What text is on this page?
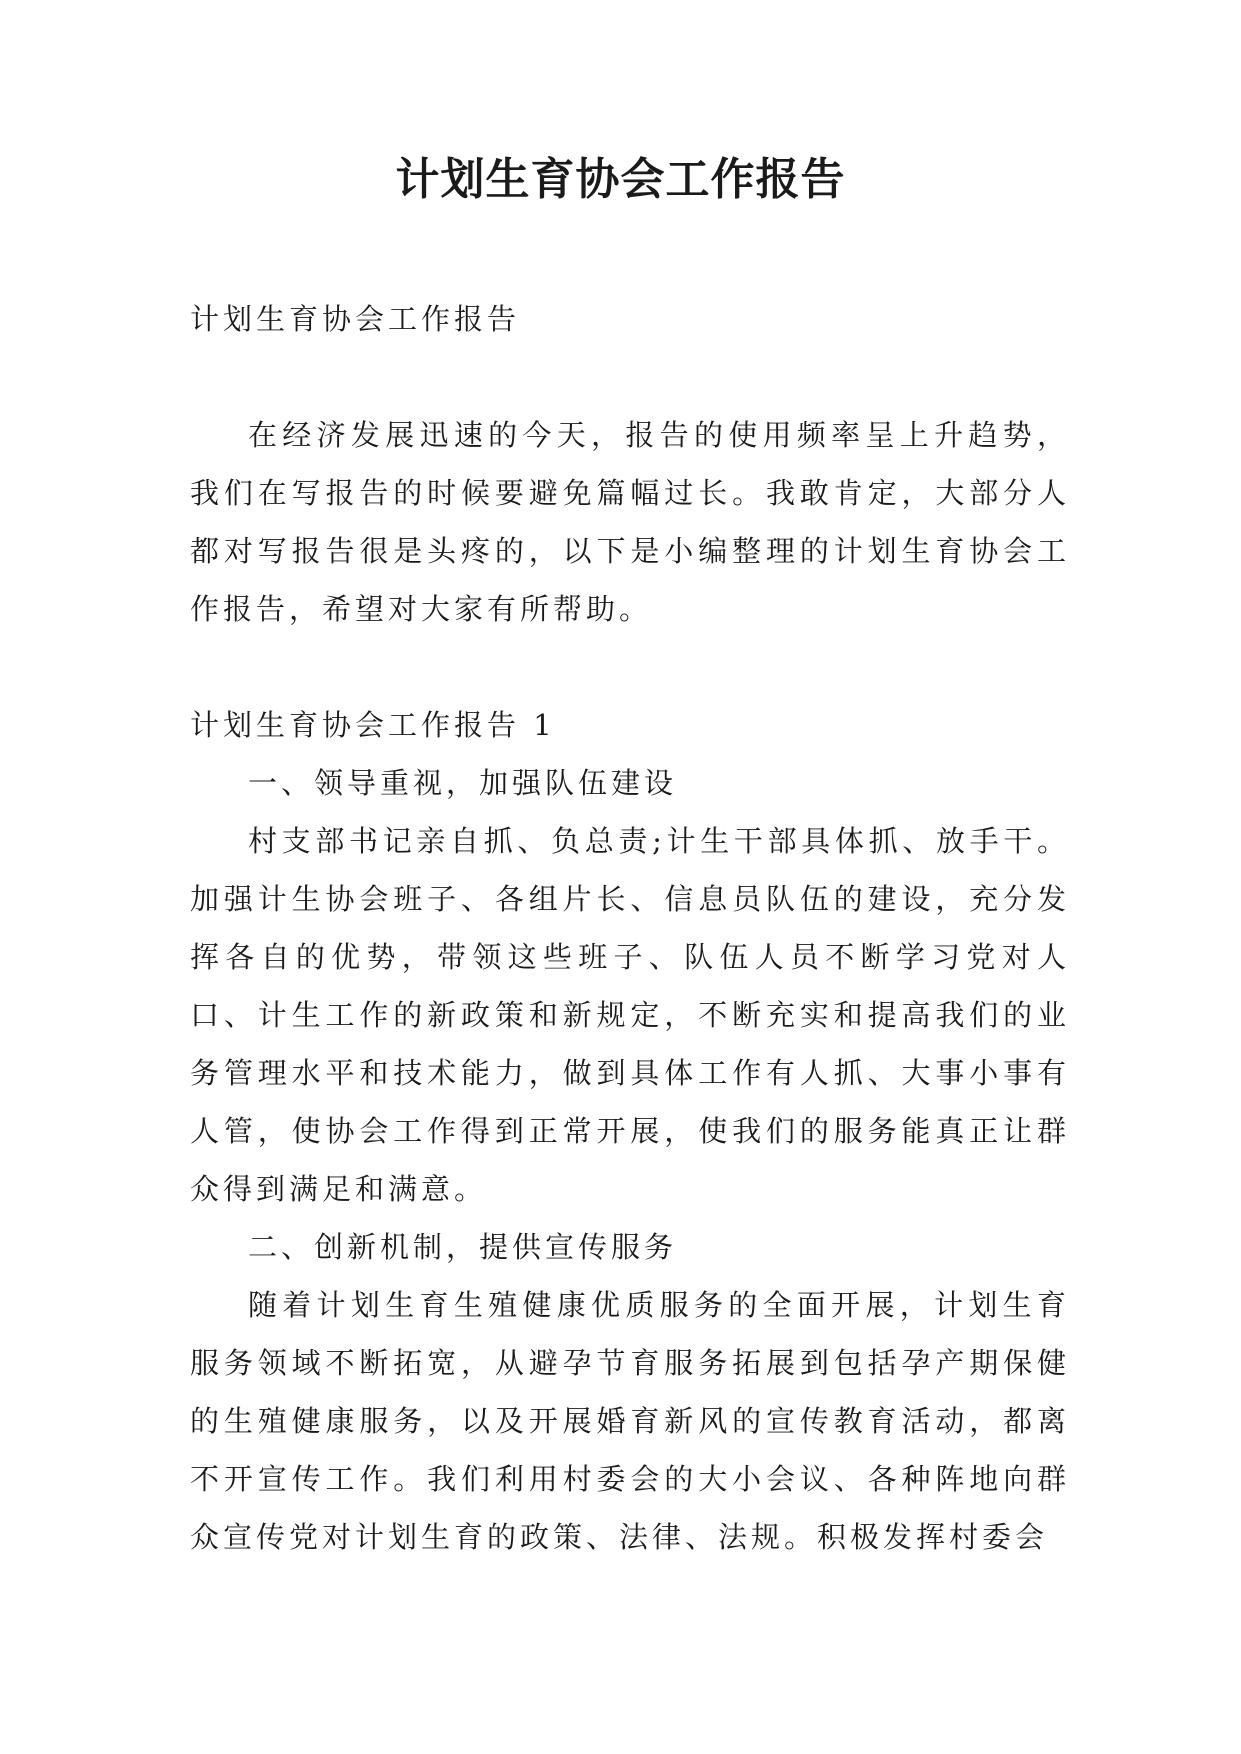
计划生育协会工作报告

计划生育协会工作报告

在经济发展迅速的今天，报告的使用频率呈上升趋势，我们在写报告的时候要避免篇幅过长。我敢肯定，大部分人都对写报告很是头疼的，以下是小编整理的计划生育协会工作报告，希望对大家有所帮助。

计划生育协会工作报告 1

一、领导重视，加强队伍建设

村支部书记亲自抓、负总责;计生干部具体抓、放手干。加强计生协会班子、各组片长、信息员队伍的建设，充分发挥各自的优势，带领这些班子、队伍人员不断学习党对人口、计生工作的新政策和新规定，不断充实和提高我们的业务管理水平和技术能力，做到具体工作有人抓、大事小事有人管，使协会工作得到正常开展，使我们的服务能真正让群众得到满足和满意。

二、创新机制，提供宣传服务

随着计划生育生殖健康优质服务的全面开展，计划生育服务领域不断拓宽，从避孕节育服务拓展到包括孕产期保健的生殖健康服务，以及开展婚育新风的宣传教育活动，都离不开宣传工作。我们利用村委会的大小会议、各种阵地向群众宣传党对计划生育的政策、法律、法规。积极发挥村委会
